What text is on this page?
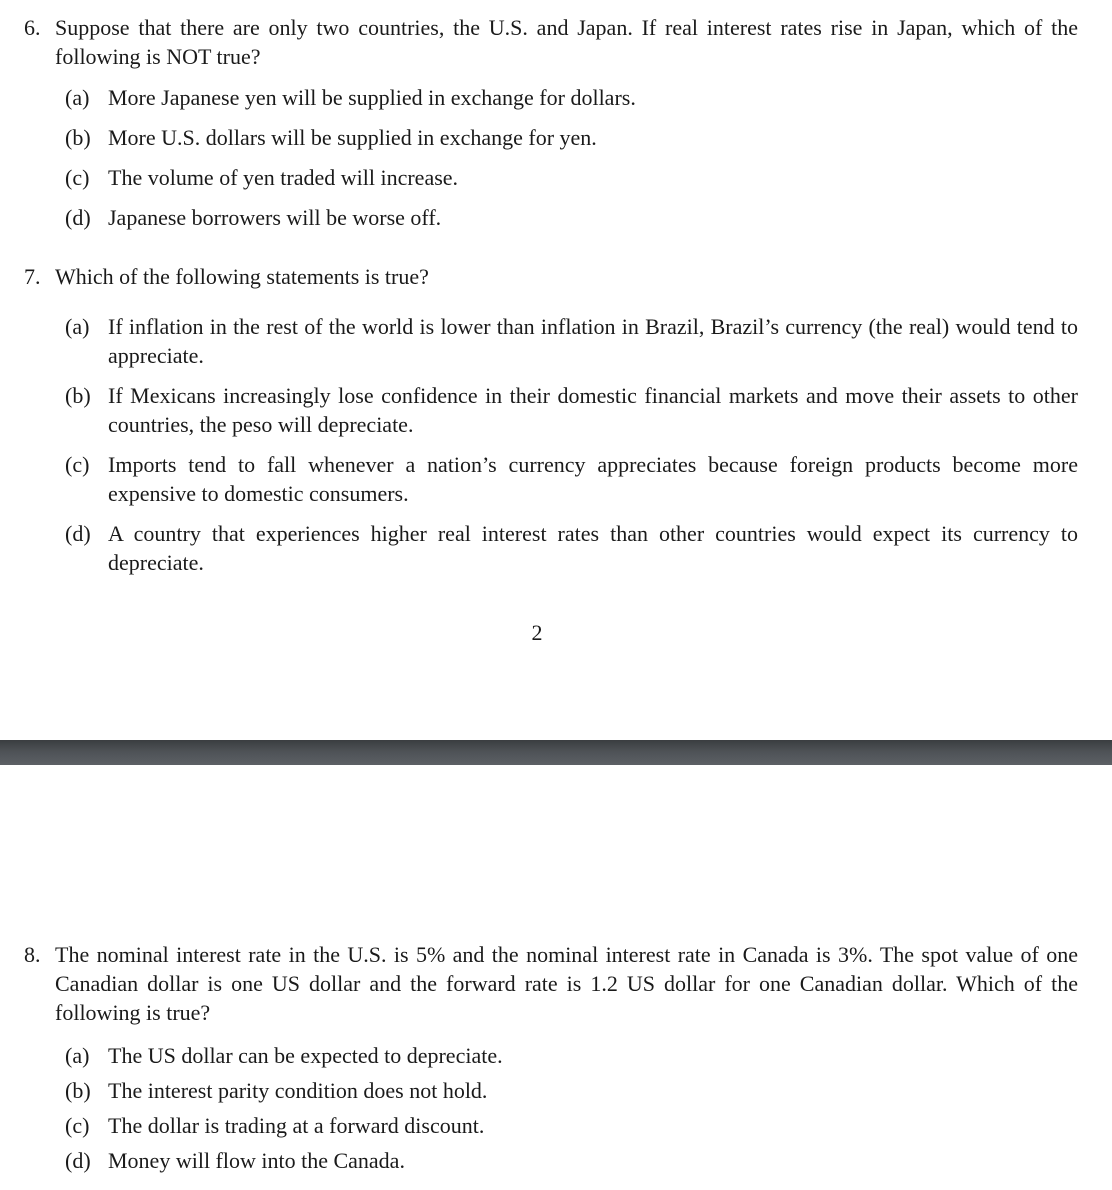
6. Suppose that there are only two countries, the U.S. and Japan. If real interest rates rise in Japan, which of the following is NOT true?
(a) More Japanese yen will be supplied in exchange for dollars.
(b) More U.S. dollars will be supplied in exchange for yen.
(c) The volume of yen traded will increase.
(d) Japanese borrowers will be worse off.
7. Which of the following statements is true?
(a) If inflation in the rest of the world is lower than inflation in Brazil, Brazil’s currency (the real) would tend to appreciate.
(b) If Mexicans increasingly lose confidence in their domestic financial markets and move their assets to other countries, the peso will depreciate.
(c) Imports tend to fall whenever a nation’s currency appreciates because foreign products become more expensive to domestic consumers.
(d) A country that experiences higher real interest rates than other countries would expect its currency to depreciate.
2
8. The nominal interest rate in the U.S. is 5% and the nominal interest rate in Canada is 3%. The spot value of one Canadian dollar is one US dollar and the forward rate is 1.2 US dollar for one Canadian dollar. Which of the following is true?
(a) The US dollar can be expected to depreciate.
(b) The interest parity condition does not hold.
(c) The dollar is trading at a forward discount.
(d) Money will flow into the Canada.
